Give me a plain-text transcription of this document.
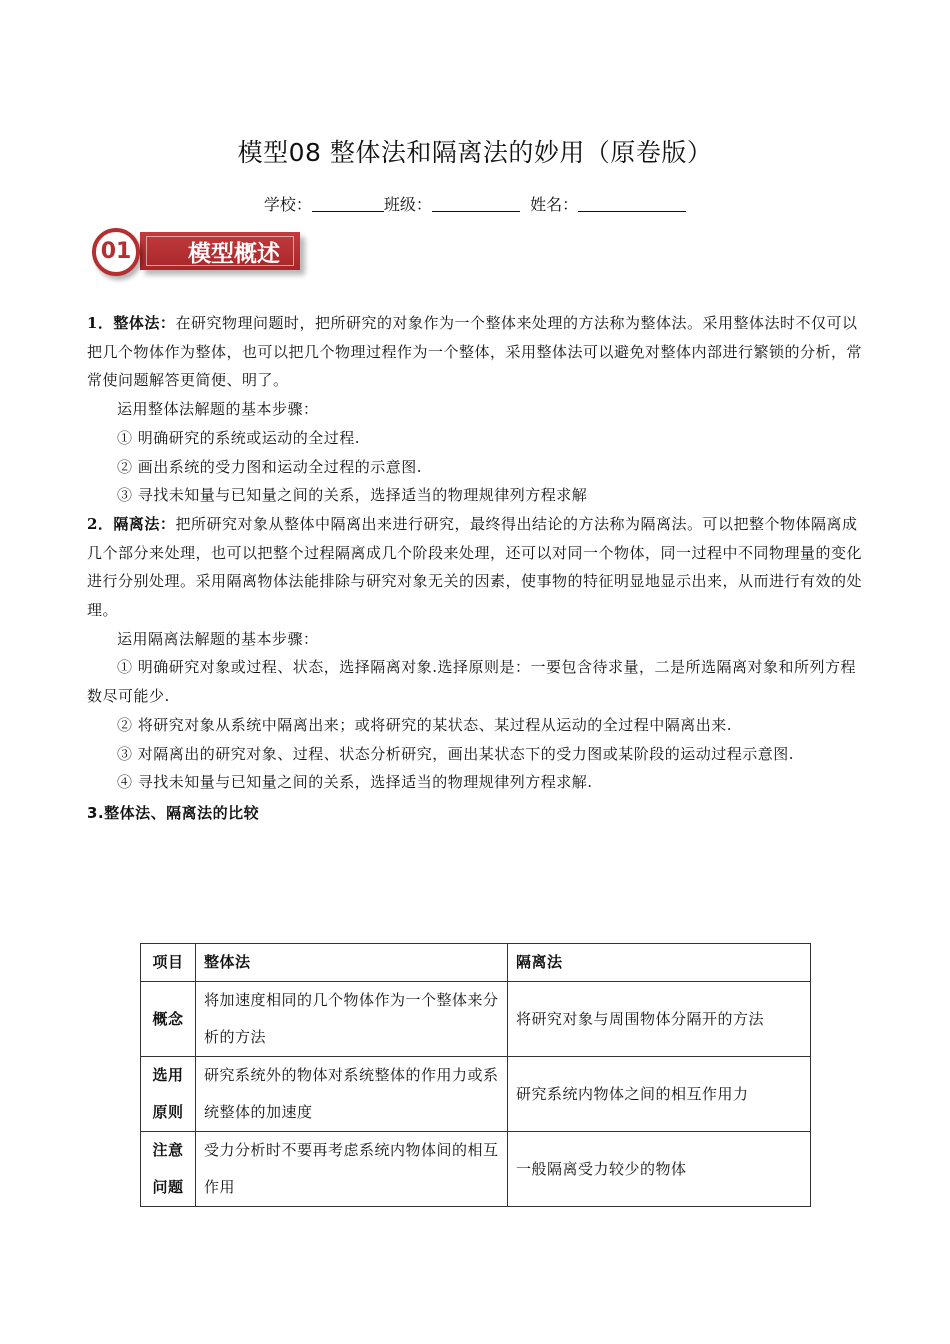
模型08 整体法和隔离法的妙用（原卷版）
学校：	班级：	姓名：
模型概述
01

1．整体法：在研究物理问题时，把所研究的对象作为一个整体来处理的方法称为整体法。采用整体法时不仅可以把几个物体作为整体，也可以把几个物理过程作为一个整体，采用整体法可以避免对整体内部进行繁锁的分析，常常使问题解答更简便、明了。

运用整体法解题的基本步骤：

① 明确研究的系统或运动的全过程.

② 画出系统的受力图和运动全过程的示意图.

③ 寻找未知量与已知量之间的关系，选择适当的物理规律列方程求解

2．隔离法：把所研究对象从整体中隔离出来进行研究，最终得出结论的方法称为隔离法。可以把整个物体隔离成几个部分来处理，也可以把整个过程隔离成几个阶段来处理，还可以对同一个物体，同一过程中不同物理量的变化进行分别处理。采用隔离物体法能排除与研究对象无关的因素，使事物的特征明显地显示出来，从而进行有效的处理。

运用隔离法解题的基本步骤：

① 明确研究对象或过程、状态，选择隔离对象.选择原则是：一要包含待求量，二是所选隔离对象和所列方程数尽可能少.

② 将研究对象从系统中隔离出来；或将研究的某状态、某过程从运动的全过程中隔离出来.

③ 对隔离出的研究对象、过程、状态分析研究，画出某状态下的受力图或某阶段的运动过程示意图.

④ 寻找未知量与已知量之间的关系，选择适当的物理规律列方程求解.

3.整体法、隔离法的比较

项目	整体法	隔离法
概念	将加速度相同的几个物体作为一个整体来分析的方法	将研究对象与周围物体分隔开的方法
选用原则	研究系统外的物体对系统整体的作用力或系统整体的加速度	研究系统内物体之间的相互作用力
注意问题	受力分析时不要再考虑系统内物体间的相互作用	一般隔离受力较少的物体
